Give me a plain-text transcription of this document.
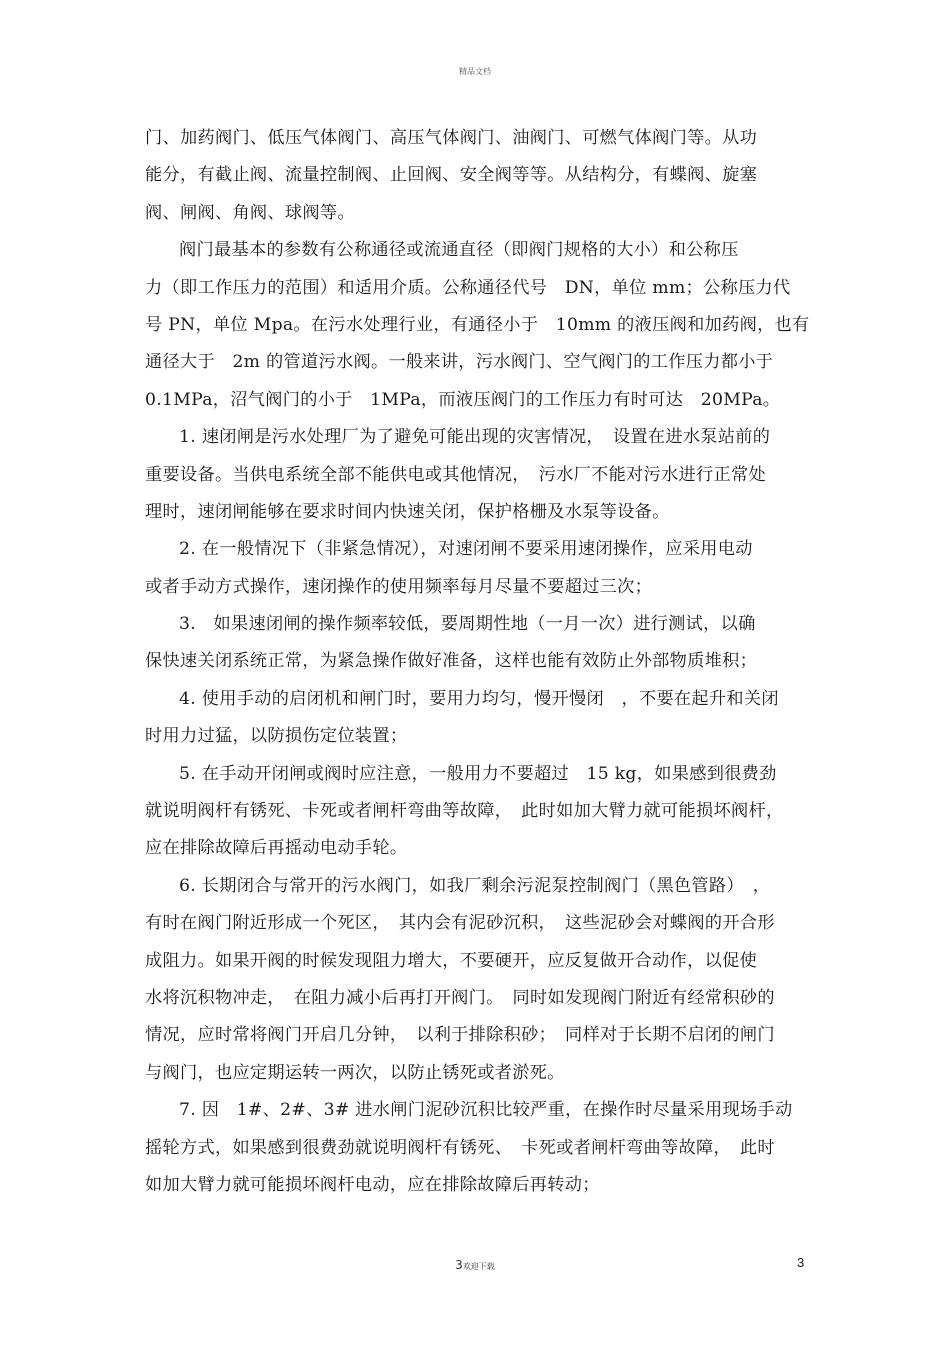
精品文档
门、加药阀门、低压气体阀门、高压气体阀门、油阀门、可燃气体阀门等。从功
能分，有截止阀、流量控制阀、止回阀、安全阀等等。从结构分，有蝶阀、旋塞
阀、闸阀、角阀、球阀等。
阀门最基本的参数有公称通径或流通直径（即阀门规格的大小）和公称压
力（即工作压力的范围）和适用介质。公称通径代号　DN，单位 mm；公称压力代
号 PN，单位 Mpa。在污水处理行业，有通径小于　10mm 的液压阀和加药阀，也有
通径大于　2m 的管道污水阀。一般来讲，污水阀门、空气阀门的工作压力都小于
0.1MPa，沼气阀门的小于　1MPa，而液压阀门的工作压力有时可达　20MPa。
1. 速闭闸是污水处理厂为了避免可能出现的灾害情况，　设置在进水泵站前的
重要设备。当供电系统全部不能供电或其他情况，　污水厂不能对污水进行正常处
理时，速闭闸能够在要求时间内快速关闭，保护格栅及水泵等设备。
2. 在一般情况下（非紧急情况），对速闭闸不要采用速闭操作，应采用电动
或者手动方式操作，速闭操作的使用频率每月尽量不要超过三次；
3.　如果速闭闸的操作频率较低，要周期性地（一月一次）进行测试，以确
保快速关闭系统正常，为紧急操作做好准备，这样也能有效防止外部物质堆积；
4. 使用手动的启闭机和闸门时，要用力均匀，慢开慢闭　，不要在起升和关闭
时用力过猛，以防损伤定位装置；
5. 在手动开闭闸或阀时应注意，一般用力不要超过　15 kg，如果感到很费劲
就说明阀杆有锈死、卡死或者闸杆弯曲等故障，　此时如加大臂力就可能损坏阀杆，
应在排除故障后再摇动电动手轮。
6. 长期闭合与常开的污水阀门，如我厂剩余污泥泵控制阀门（黑色管路）　，
有时在阀门附近形成一个死区，　其内会有泥砂沉积，　这些泥砂会对蝶阀的开合形
成阻力。如果开阀的时候发现阻力增大，不要硬开，应反复做开合动作，以促使
水将沉积物冲走，　在阻力减小后再打开阀门。　同时如发现阀门附近有经常积砂的
情况，应时常将阀门开启几分钟，　以利于排除积砂；　同样对于长期不启闭的闸门
与阀门，也应定期运转一两次，以防止锈死或者淤死。
7. 因　1#、2#、3# 进水闸门泥砂沉积比较严重，在操作时尽量采用现场手动
摇轮方式，如果感到很费劲就说明阀杆有锈死、　卡死或者闸杆弯曲等故障，　此时
如加大臂力就可能损坏阀杆电动，应在排除故障后再转动；
3欢迎下载	3
